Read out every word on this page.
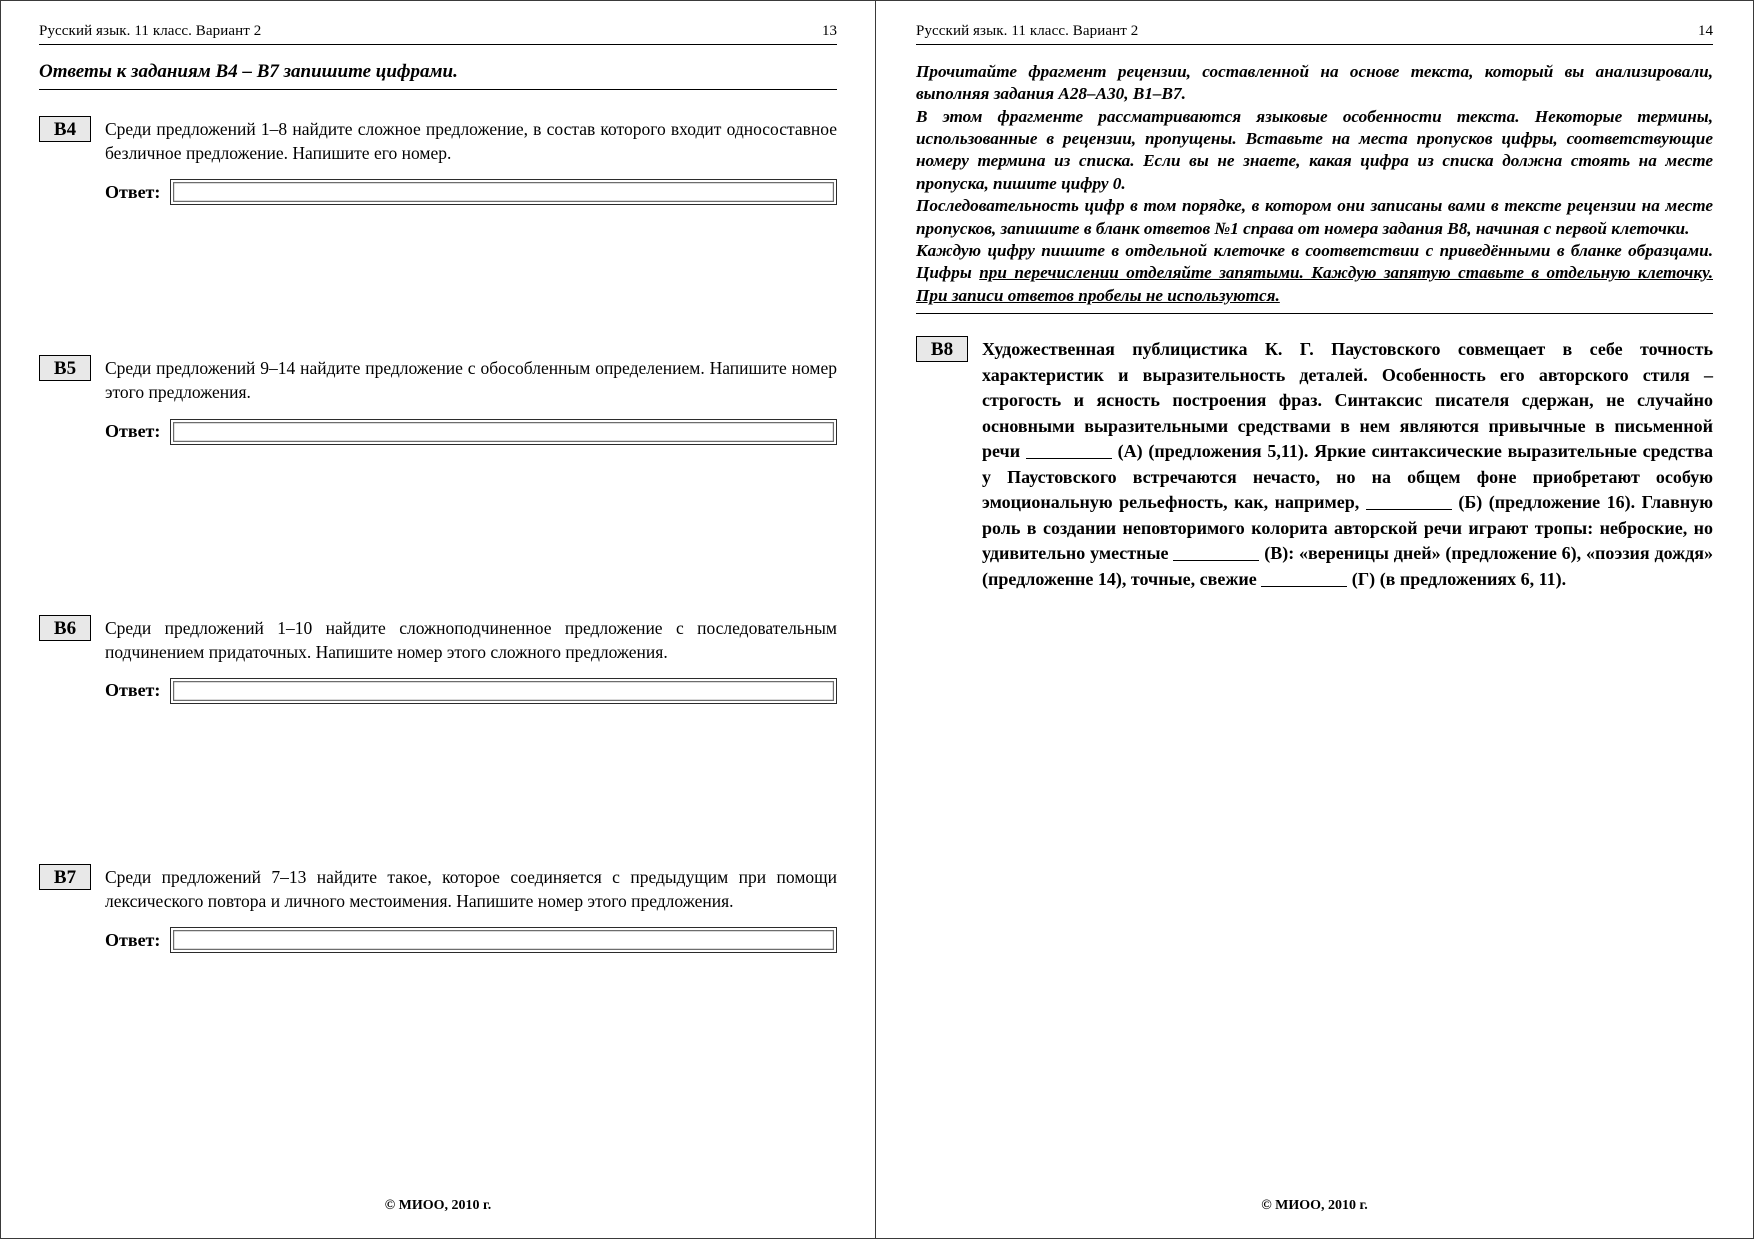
Русский язык. 11 класс. Вариант 2	13
Ответы к заданиям В4 – В7 запишите цифрами.
B4	Среди предложений 1–8 найдите сложное предложение, в состав которого входит односоставное безличное предложение. Напишите его номер.
Ответ:
B5	Среди предложений 9–14 найдите предложение с обособленным определением. Напишите номер этого предложения.
Ответ:
B6	Среди предложений 1–10 найдите сложноподчиненное предложение с последовательным подчинением придаточных. Напишите номер этого сложного предложения.
Ответ:
B7	Среди предложений 7–13 найдите такое, которое соединяется с предыдущим при помощи лексического повтора и личного местоимения. Напишите номер этого предложения.
Ответ:
© МИОО, 2010 г.
Русский язык. 11 класс. Вариант 2	14

Прочитайте фрагмент рецензии, составленной на основе текста, который вы анализировали, выполняя задания А28–А30, В1–В7.

В этом фрагменте рассматриваются языковые особенности текста. Некоторые термины, использованные в рецензии, пропущены. Вставьте на места пропусков цифры, соответствующие номеру термина из списка. Если вы не знаете, какая цифра из списка должна стоять на месте пропуска, пишите цифру 0.

Последовательность цифр в том порядке, в котором они записаны вами в тексте рецензии на месте пропусков, запишите в бланк ответов №1 справа от номера задания В8, начиная с первой клеточки.

Каждую цифру пишите в отдельной клеточке в соответствии с приведёнными в бланке образцами. Цифры при перечислении отделяйте запятыми. Каждую запятую ставьте в отдельную клеточку. При записи ответов пробелы не используются.

B8	Художественная публицистика К. Г. Паустовского совмещает в себе точность характеристик и выразительность деталей. Особенность его авторского стиля – строгость и ясность построения фраз. Синтаксис писателя сдержан, не случайно основными выразительными средствами в нем являются привычные в письменной речи	(А) (предложения 5,11). Яркие синтаксические выразительные средства у Паустовского встречаются нечасто, но на общем фоне приобретают особую эмоциональную рельефность, как, например,	(Б) (предложение 16). Главную роль в создании неповторимого колорита авторской речи играют тропы: неброские, но удивительно уместные	(В): «вереницы дней» (предложение 6), «поэзия дождя» (предложенне 14), точные, свежие	(Г) (в предложениях 6, 11).
© МИОО, 2010 г.
